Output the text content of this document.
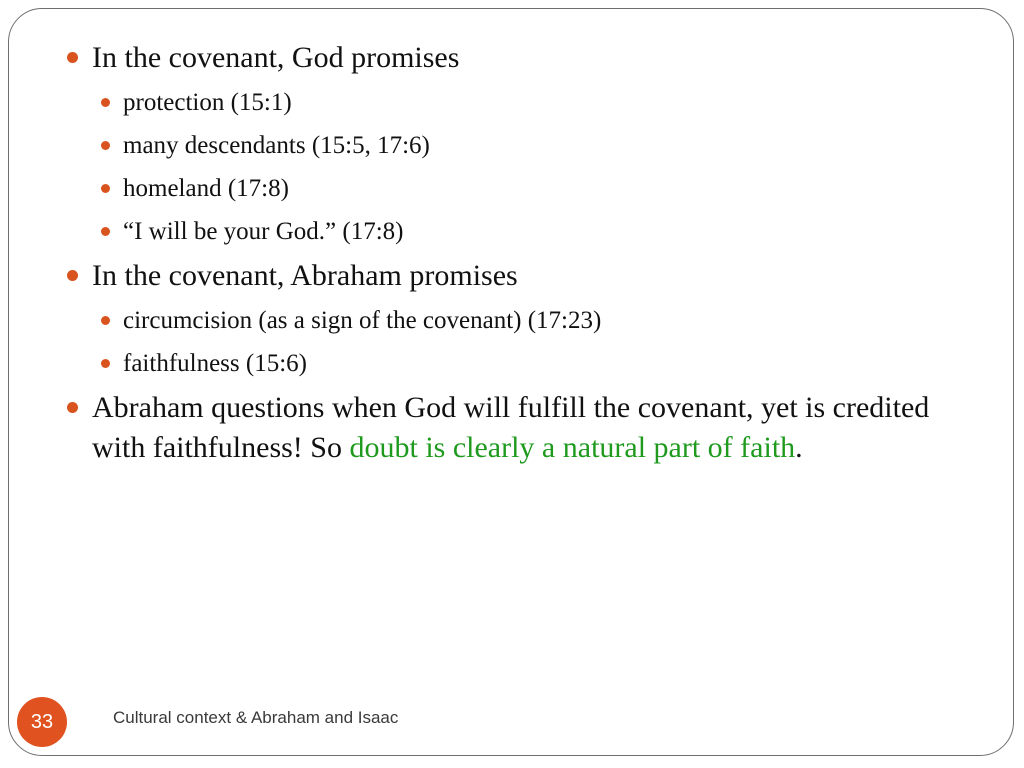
In the covenant, God promises
protection (15:1)
many descendants (15:5, 17:6)
homeland (17:8)
“I will be your God.” (17:8)
In the covenant, Abraham promises
circumcision (as a sign of the covenant) (17:23)
faithfulness (15:6)
Abraham questions when God will fulfill the covenant, yet is credited with faithfulness! So doubt is clearly a natural part of faith.
33	Cultural context & Abraham and Isaac
